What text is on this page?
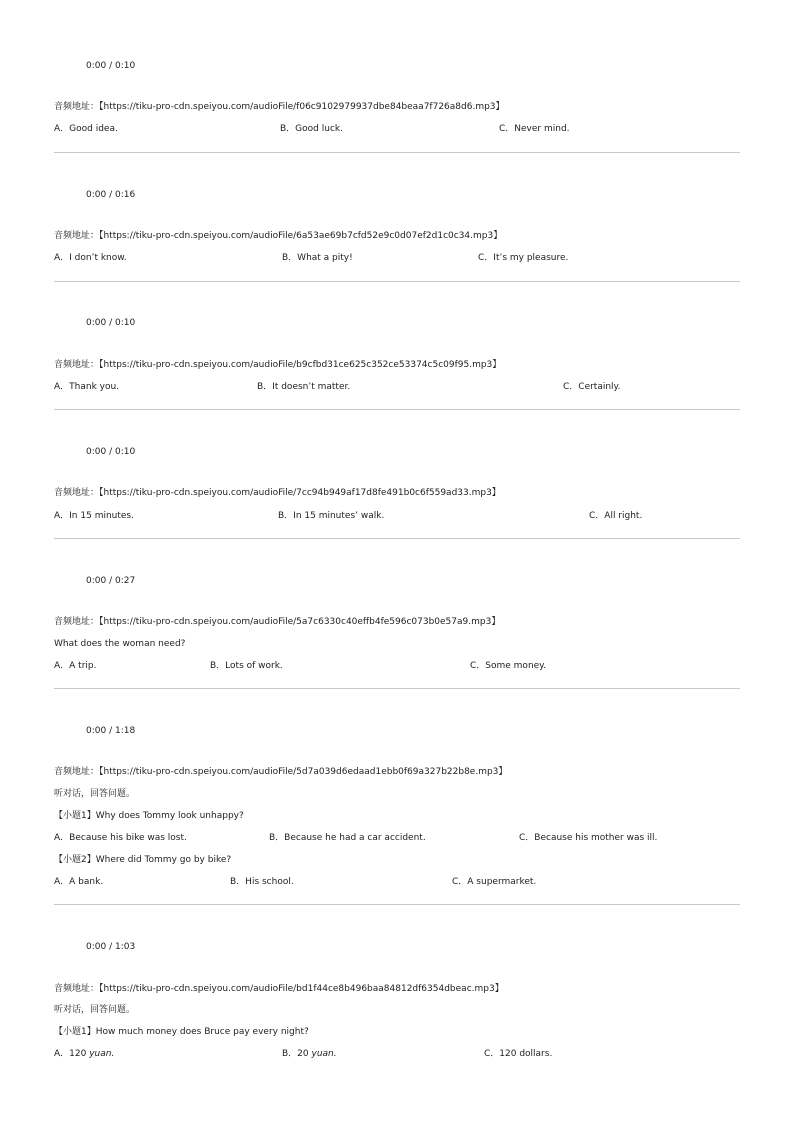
0:00 / 0:10
音频地址：【https://tiku-pro-cdn.speiyou.com/audioFile/f06c9102979937dbe84beaa7f726a8d6.mp3】
A．Good idea.	B．Good luck.	C．Never mind.
0:00 / 0:16
音频地址：【https://tiku-pro-cdn.speiyou.com/audioFile/6a53ae69b7cfd52e9c0d07ef2d1c0c34.mp3】
A．I don’t know.	B．What a pity!	C．It’s my pleasure.
0:00 / 0:10
音频地址：【https://tiku-pro-cdn.speiyou.com/audioFile/b9cfbd31ce625c352ce53374c5c09f95.mp3】
A．Thank you.	B．It doesn’t matter.	C．Certainly.
0:00 / 0:10
音频地址：【https://tiku-pro-cdn.speiyou.com/audioFile/7cc94b949af17d8fe491b0c6f559ad33.mp3】
A．In 15 minutes.	B．In 15 minutes’ walk.	C．All right.
0:00 / 0:27
音频地址：【https://tiku-pro-cdn.speiyou.com/audioFile/5a7c6330c40effb4fe596c073b0e57a9.mp3】
What does the woman need?
A．A trip.	B．Lots of work.	C．Some money.
0:00 / 1:18
音频地址：【https://tiku-pro-cdn.speiyou.com/audioFile/5d7a039d6edaad1ebb0f69a327b22b8e.mp3】
听对话，回答问题。
【小题1】Why does Tommy look unhappy?
A．Because his bike was lost.	B．Because he had a car accident.	C．Because his mother was ill.
【小题2】Where did Tommy go by bike?
A．A bank.	B．His school.	C．A supermarket.
0:00 / 1:03
音频地址：【https://tiku-pro-cdn.speiyou.com/audioFile/bd1f44ce8b496baa84812df6354dbeac.mp3】
听对话，回答问题。
【小题1】How much money does Bruce pay every night?
A．120 yuan.	B．20 yuan.	C．120 dollars.
